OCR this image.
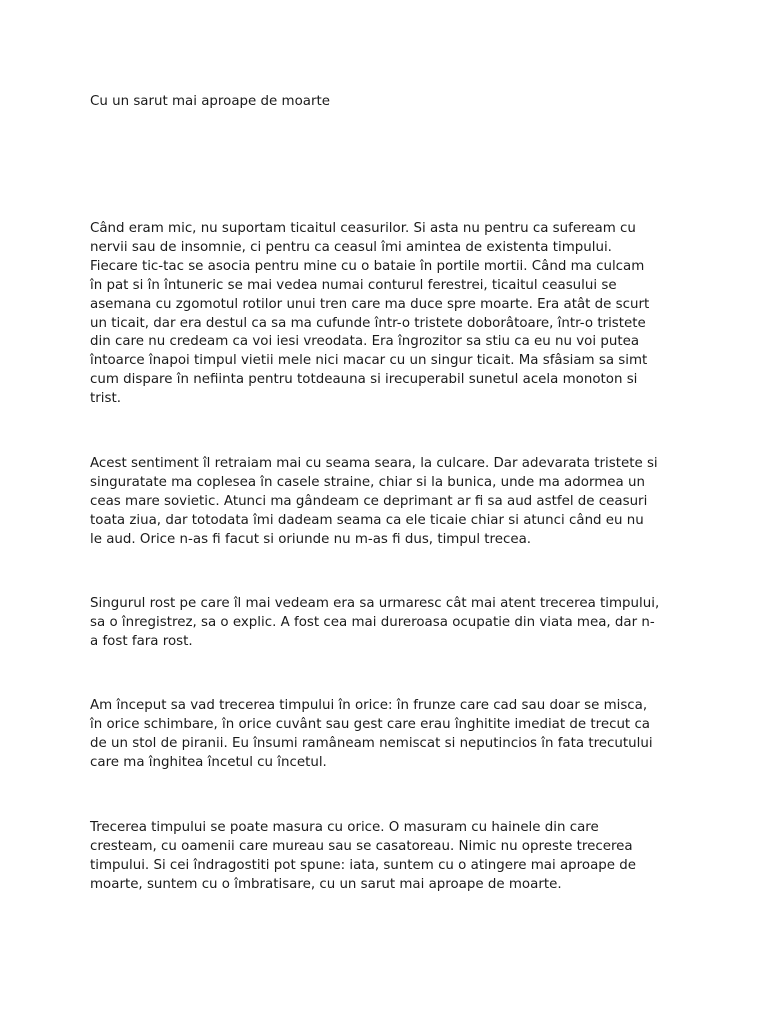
Cu un sarut mai aproape de moarte

Când eram mic, nu suportam ticaitul ceasurilor. Si asta nu pentru ca sufeream cu
nervii sau de insomnie, ci pentru ca ceasul îmi amintea de existenta timpului.
Fiecare tic-tac se asocia pentru mine cu o bataie în portile mortii. Când ma culcam
în pat si în întuneric se mai vedea numai conturul ferestrei, ticaitul ceasului se
asemana cu zgomotul rotilor unui tren care ma duce spre moarte. Era atât de scurt
un ticait, dar era destul ca sa ma cufunde într-o tristete doborâtoare, într-o tristete
din care nu credeam ca voi iesi vreodata. Era îngrozitor sa stiu ca eu nu voi putea
întoarce înapoi timpul vietii mele nici macar cu un singur ticait. Ma sfâsiam sa simt
cum dispare în nefiinta pentru totdeauna si irecuperabil sunetul acela monoton si
trist.

Acest sentiment îl retraiam mai cu seama seara, la culcare. Dar adevarata tristete si
singuratate ma coplesea în casele straine, chiar si la bunica, unde ma adormea un
ceas mare sovietic. Atunci ma gândeam ce deprimant ar fi sa aud astfel de ceasuri
toata ziua, dar totodata îmi dadeam seama ca ele ticaie chiar si atunci când eu nu
le aud. Orice n-as fi facut si oriunde nu m-as fi dus, timpul trecea.

Singurul rost pe care îl mai vedeam era sa urmaresc cât mai atent trecerea timpului,
sa o înregistrez, sa o explic. A fost cea mai dureroasa ocupatie din viata mea, dar n-
a fost fara rost.

Am început sa vad trecerea timpului în orice: în frunze care cad sau doar se misca,
în orice schimbare, în orice cuvânt sau gest care erau înghitite imediat de trecut ca
de un stol de piranii. Eu însumi ramâneam nemiscat si neputincios în fata trecutului
care ma înghitea încetul cu încetul.

Trecerea timpului se poate masura cu orice. O masuram cu hainele din care
cresteam, cu oamenii care mureau sau se casatoreau. Nimic nu opreste trecerea
timpului. Si cei îndragostiti pot spune: iata, suntem cu o atingere mai aproape de
moarte, suntem cu o îmbratisare, cu un sarut mai aproape de moarte.
